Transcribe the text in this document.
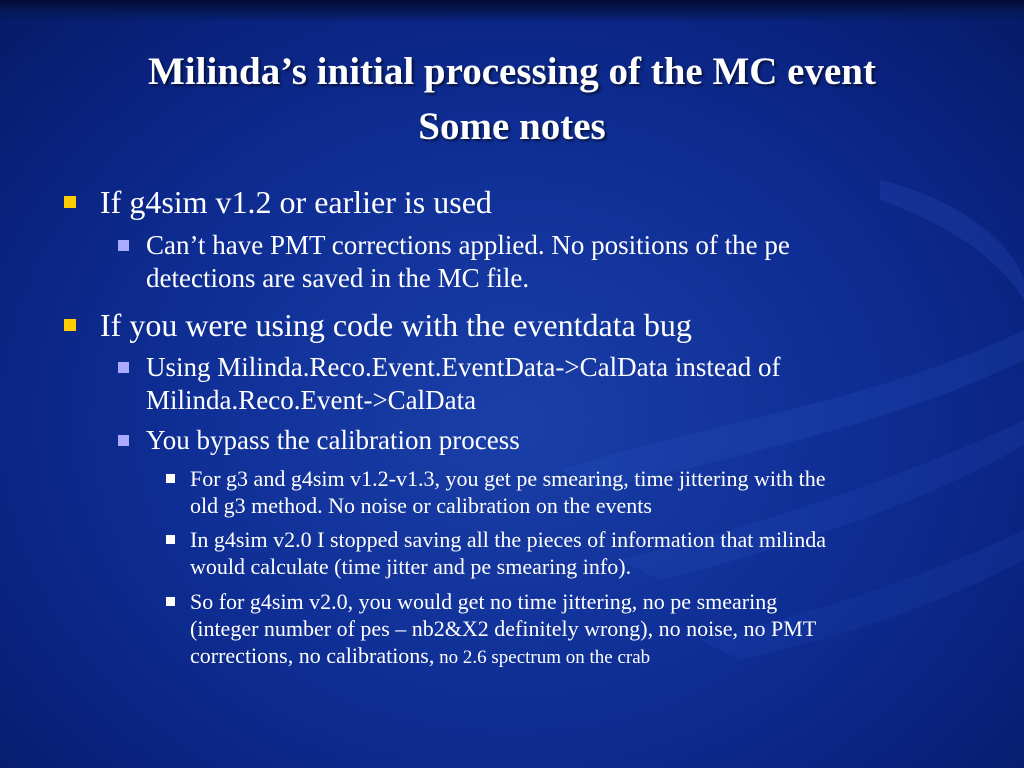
Milinda’s initial processing of the MC event
Some notes
If g4sim v1.2 or earlier is used
Can’t have PMT corrections applied. No positions of the pe
detections are saved in the MC file.
If you were using code with the eventdata bug
Using Milinda.Reco.Event.EventData->CalData instead of
Milinda.Reco.Event->CalData
You bypass the calibration process
For g3 and g4sim v1.2-v1.3, you get pe smearing, time jittering with the
old g3 method. No noise or calibration on the events
In g4sim v2.0 I stopped saving all the pieces of information that milinda
would calculate (time jitter and pe smearing info).
So for g4sim v2.0, you would get no time jittering, no pe smearing
(integer number of pes – nb2&X2 definitely wrong), no noise, no PMT
corrections, no calibrations, no 2.6 spectrum on the crab
